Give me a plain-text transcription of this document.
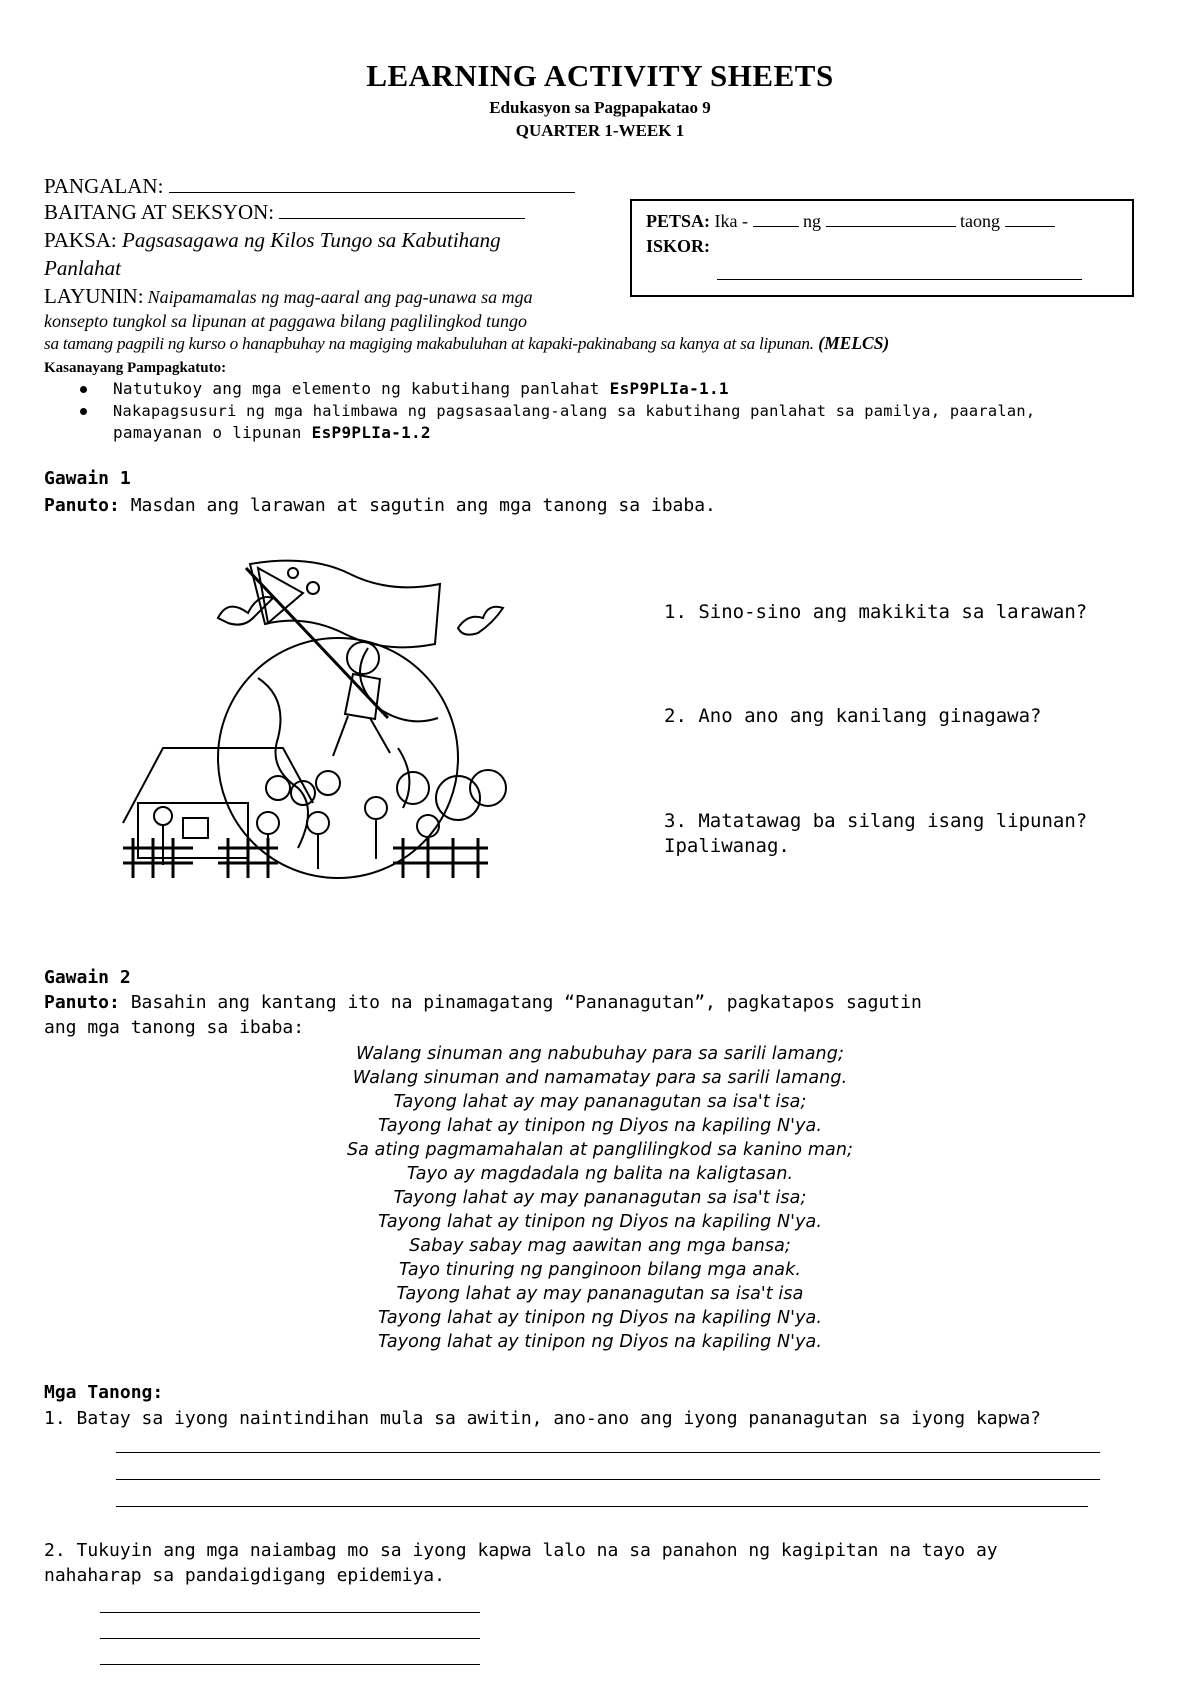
LEARNING ACTIVITY SHEETS
Edukasyon sa Pagpapakatao 9
QUARTER 1-WEEK 1
PANGALAN:
BAITANG AT SEKSYON:
PAKSA: Pagsasagawa ng Kilos Tungo sa Kabutihang
Panlahat
LAYUNIN: Naipamamalas ng mag-aaral ang pag-unawa sa mga
konsepto tungkol sa lipunan at paggawa bilang paglilingkod tungo
sa tamang pagpili ng kurso o hanapbuhay na magiging makabuluhan at kapaki-pakinabang sa kanya at sa lipunan. (MELCS)
PETSA: Ika -	ng	taong
ISKOR:
Kasanayang Pampagkatuto:
Natutukoy ang mga elemento ng kabutihang panlahat EsP9PLIa-1.1
Nakapagsusuri ng mga halimbawa ng pagsasaalang-alang sa kabutihang panlahat sa pamilya, paaralan,
pamayanan o lipunan EsP9PLIa-1.2
Gawain 1
Panuto: Masdan ang larawan at sagutin ang mga tanong sa ibaba.
1. Sino-sino ang makikita sa larawan?
2. Ano ano ang kanilang ginagawa?
3. Matatawag ba silang isang lipunan?
Ipaliwanag.
Gawain 2
Panuto: Basahin ang kantang ito na pinamagatang “Pananagutan”, pagkatapos sagutin
ang mga tanong sa ibaba:
Walang sinuman ang nabubuhay para sa sarili lamang;
Walang sinuman and namamatay para sa sarili lamang.
Tayong lahat ay may pananagutan sa isa't isa;
Tayong lahat ay tinipon ng Diyos na kapiling N'ya.
Sa ating pagmamahalan at panglilingkod sa kanino man;
Tayo ay magdadala ng balita na kaligtasan.
Tayong lahat ay may pananagutan sa isa't isa;
Tayong lahat ay tinipon ng Diyos na kapiling N'ya.
Sabay sabay mag aawitan ang mga bansa;
Tayo tinuring ng panginoon bilang mga anak.
Tayong lahat ay may pananagutan sa isa't isa
Tayong lahat ay tinipon ng Diyos na kapiling N'ya.
Tayong lahat ay tinipon ng Diyos na kapiling N'ya.
Mga Tanong:
1. Batay sa iyong naintindihan mula sa awitin, ano-ano ang iyong pananagutan sa iyong kapwa?
2. Tukuyin ang mga naiambag mo sa iyong kapwa lalo na sa panahon ng kagipitan na tayo ay
nahaharap sa pandaigdigang epidemiya.
